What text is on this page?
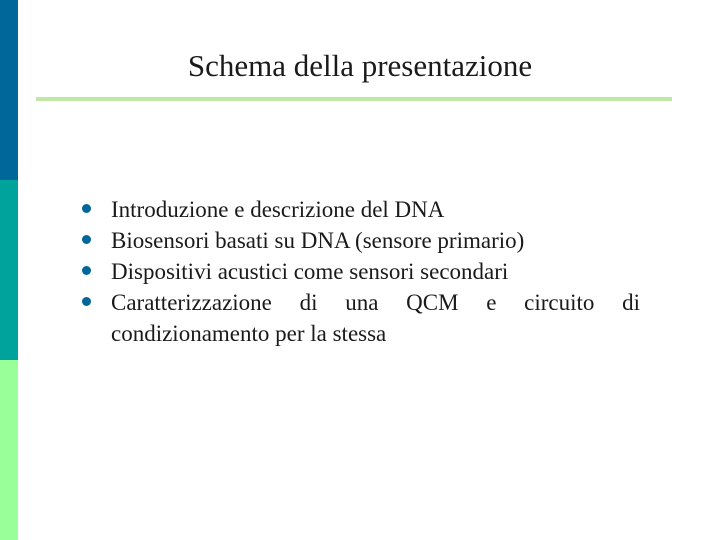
Schema della presentazione
Introduzione e descrizione del DNA
Biosensori basati su DNA (sensore primario)
Dispositivi acustici come sensori secondari
Caratterizzazione di una QCM e circuito di condizionamento per la stessa
